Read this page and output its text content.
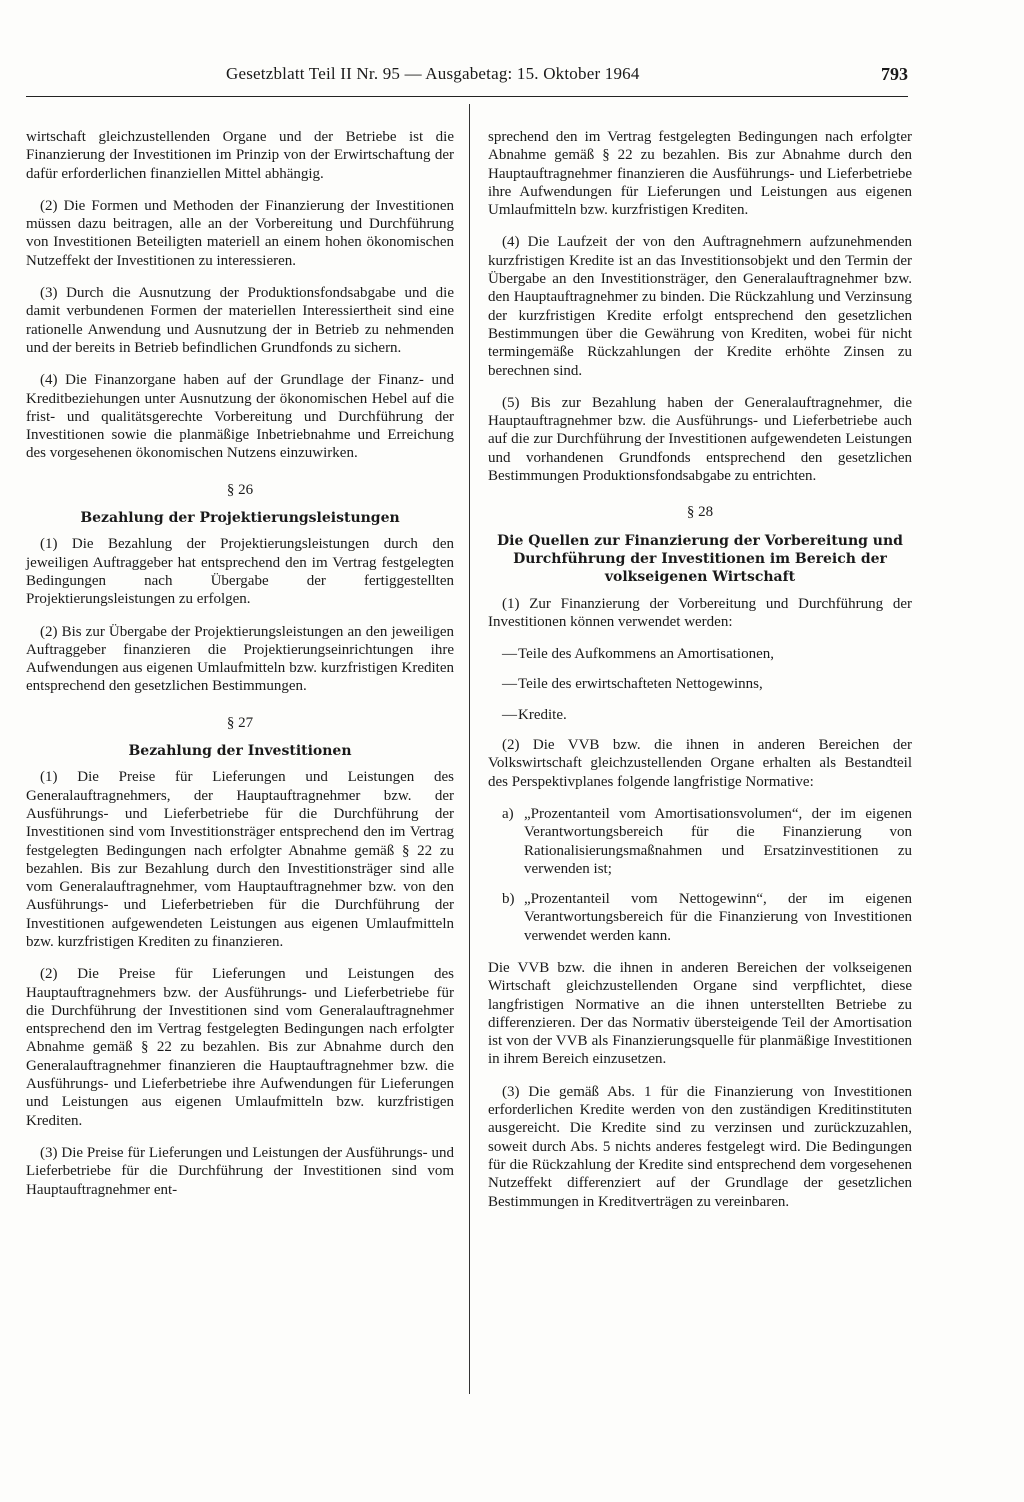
Gesetzblatt Teil II Nr. 95 — Ausgabetag: 15. Oktober 1964	793

wirtschaft gleichzustellenden Organe und der Betriebe ist die Finanzierung der Investitionen im Prinzip von der Erwirtschaftung der dafür erforderlichen finanziellen Mittel abhängig.

(2) Die Formen und Methoden der Finanzierung der Investitionen müssen dazu beitragen, alle an der Vorbereitung und Durchführung von Investitionen Beteiligten materiell an einem hohen ökonomischen Nutzeffekt der Investitionen zu interessieren.

(3) Durch die Ausnutzung der Produktionsfondsabgabe und die damit verbundenen Formen der materiellen Interessiertheit sind eine rationelle Anwendung und Ausnutzung der in Betrieb zu nehmenden und der bereits in Betrieb befindlichen Grundfonds zu sichern.

(4) Die Finanzorgane haben auf der Grundlage der Finanz- und Kreditbeziehungen unter Ausnutzung der ökonomischen Hebel auf die frist- und qualitätsgerechte Vorbereitung und Durchführung der Investitionen sowie die planmäßige Inbetriebnahme und Erreichung des vorgesehenen ökonomischen Nutzens einzuwirken.

§ 26
Bezahlung der Projektierungsleistungen

(1) Die Bezahlung der Projektierungsleistungen durch den jeweiligen Auftraggeber hat entsprechend den im Vertrag festgelegten Bedingungen nach Übergabe der fertiggestellten Projektierungsleistungen zu erfolgen.

(2) Bis zur Übergabe der Projektierungsleistungen an den jeweiligen Auftraggeber finanzieren die Projektierungseinrichtungen ihre Aufwendungen aus eigenen Umlaufmitteln bzw. kurzfristigen Krediten entsprechend den gesetzlichen Bestimmungen.

§ 27
Bezahlung der Investitionen

(1) Die Preise für Lieferungen und Leistungen des Generalauftragnehmers, der Hauptauftragnehmer bzw. der Ausführungs- und Lieferbetriebe für die Durchführung der Investitionen sind vom Investitionsträger entsprechend den im Vertrag festgelegten Bedingungen nach erfolgter Abnahme gemäß § 22 zu bezahlen. Bis zur Bezahlung durch den Investitionsträger sind alle vom Generalauftragnehmer, vom Hauptauftragnehmer bzw. von den Ausführungs- und Lieferbetrieben für die Durchführung der Investitionen aufgewendeten Leistungen aus eigenen Umlaufmitteln bzw. kurzfristigen Krediten zu finanzieren.

(2) Die Preise für Lieferungen und Leistungen des Hauptauftragnehmers bzw. der Ausführungs- und Lieferbetriebe für die Durchführung der Investitionen sind vom Generalauftragnehmer entsprechend den im Vertrag festgelegten Bedingungen nach erfolgter Abnahme gemäß § 22 zu bezahlen. Bis zur Abnahme durch den Generalauftragnehmer finanzieren die Hauptauftragnehmer bzw. die Ausführungs- und Lieferbetriebe ihre Aufwendungen für Lieferungen und Leistungen aus eigenen Umlaufmitteln bzw. kurzfristigen Krediten.

(3) Die Preise für Lieferungen und Leistungen der Ausführungs- und Lieferbetriebe für die Durchführung der Investitionen sind vom Hauptauftragnehmer ent-

sprechend den im Vertrag festgelegten Bedingungen nach erfolgter Abnahme gemäß § 22 zu bezahlen. Bis zur Abnahme durch den Hauptauftragnehmer finanzieren die Ausführungs- und Lieferbetriebe ihre Aufwendungen für Lieferungen und Leistungen aus eigenen Umlaufmitteln bzw. kurzfristigen Krediten.

(4) Die Laufzeit der von den Auftragnehmern aufzunehmenden kurzfristigen Kredite ist an das Investitionsobjekt und den Termin der Übergabe an den Investitionsträger, den Generalauftragnehmer bzw. den Hauptauftragnehmer zu binden. Die Rückzahlung und Verzinsung der kurzfristigen Kredite erfolgt entsprechend den gesetzlichen Bestimmungen über die Gewährung von Krediten, wobei für nicht termingemäße Rückzahlungen der Kredite erhöhte Zinsen zu berechnen sind.

(5) Bis zur Bezahlung haben der Generalauftragnehmer, die Hauptauftragnehmer bzw. die Ausführungs- und Lieferbetriebe auch auf die zur Durchführung der Investitionen aufgewendeten Leistungen und vorhandenen Grundfonds entsprechend den gesetzlichen Bestimmungen Produktionsfondsabgabe zu entrichten.

§ 28
Die Quellen zur Finanzierung der Vorbereitung und Durchführung der Investitionen im Bereich der volkseigenen Wirtschaft

(1) Zur Finanzierung der Vorbereitung und Durchführung der Investitionen können verwendet werden:

— Teile des Aufkommens an Amortisationen,
— Teile des erwirtschafteten Nettogewinns,
— Kredite.

(2) Die VVB bzw. die ihnen in anderen Bereichen der Volkswirtschaft gleichzustellenden Organe erhalten als Bestandteil des Perspektivplanes folgende langfristige Normative:

a) „Prozentanteil vom Amortisationsvolumen“, der im eigenen Verantwortungsbereich für die Finanzierung von Rationalisierungsmaßnahmen und Ersatzinvestitionen zu verwenden ist;
b) „Prozentanteil vom Nettogewinn“, der im eigenen Verantwortungsbereich für die Finanzierung von Investitionen verwendet werden kann.

Die VVB bzw. die ihnen in anderen Bereichen der volkseigenen Wirtschaft gleichzustellenden Organe sind verpflichtet, diese langfristigen Normative an die ihnen unterstellten Betriebe zu differenzieren. Der das Normativ übersteigende Teil der Amortisation ist von der VVB als Finanzierungsquelle für planmäßige Investitionen in ihrem Bereich einzusetzen.

(3) Die gemäß Abs. 1 für die Finanzierung von Investitionen erforderlichen Kredite werden von den zuständigen Kreditinstituten ausgereicht. Die Kredite sind zu verzinsen und zurückzuzahlen, soweit durch Abs. 5 nichts anderes festgelegt wird. Die Bedingungen für die Rückzahlung der Kredite sind entsprechend dem vorgesehenen Nutzeffekt differenziert auf der Grundlage der gesetzlichen Bestimmungen in Kreditverträgen zu vereinbaren.
